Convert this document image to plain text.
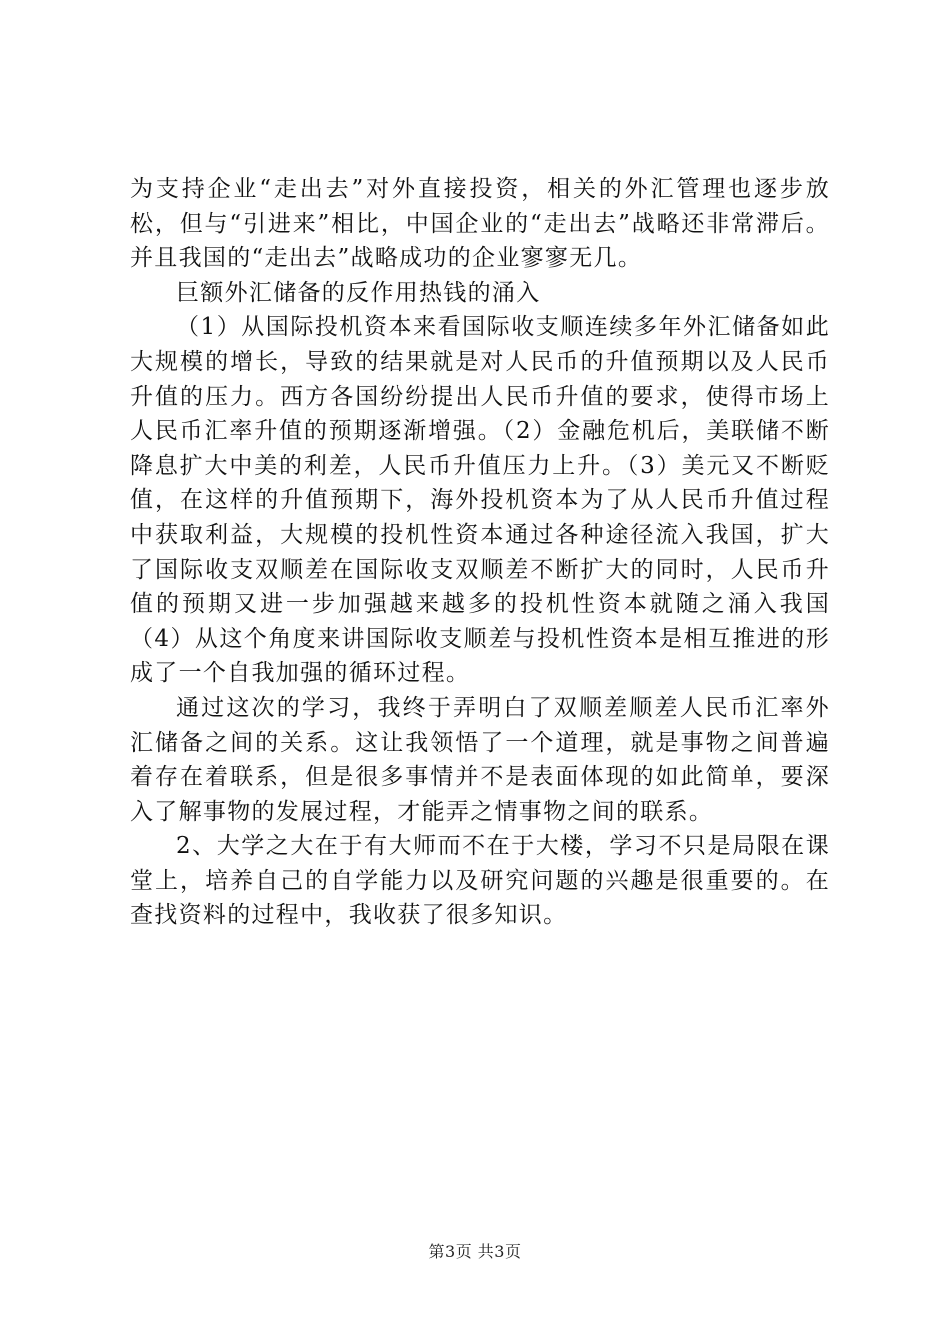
为支持企业“走出去”对外直接投资，相关的外汇管理也逐步放松，但与“引进来”相比，中国企业的“走出去”战略还非常滞后。并且我国的“走出去”战略成功的企业寥寥无几。

巨额外汇储备的反作用热钱的涌入

（1）从国际投机资本来看国际收支顺连续多年外汇储备如此大规模的增长，导致的结果就是对人民币的升值预期以及人民币升值的压力。西方各国纷纷提出人民币升值的要求，使得市场上人民币汇率升值的预期逐渐增强。（2）金融危机后，美联储不断降息扩大中美的利差，人民币升值压力上升。（3）美元又不断贬值，在这样的升值预期下，海外投机资本为了从人民币升值过程中获取利益，大规模的投机性资本通过各种途径流入我国，扩大了国际收支双顺差在国际收支双顺差不断扩大的同时，人民币升值的预期又进一步加强越来越多的投机性资本就随之涌入我国（4）从这个角度来讲国际收支顺差与投机性资本是相互推进的形成了一个自我加强的循环过程。

通过这次的学习，我终于弄明白了双顺差顺差人民币汇率外汇储备之间的关系。这让我领悟了一个道理，就是事物之间普遍着存在着联系，但是很多事情并不是表面体现的如此简单，要深入了解事物的发展过程，才能弄之情事物之间的联系。

2、大学之大在于有大师而不在于大楼，学习不只是局限在课堂上，培养自己的自学能力以及研究问题的兴趣是很重要的。在查找资料的过程中，我收获了很多知识。

第3页 共3页
